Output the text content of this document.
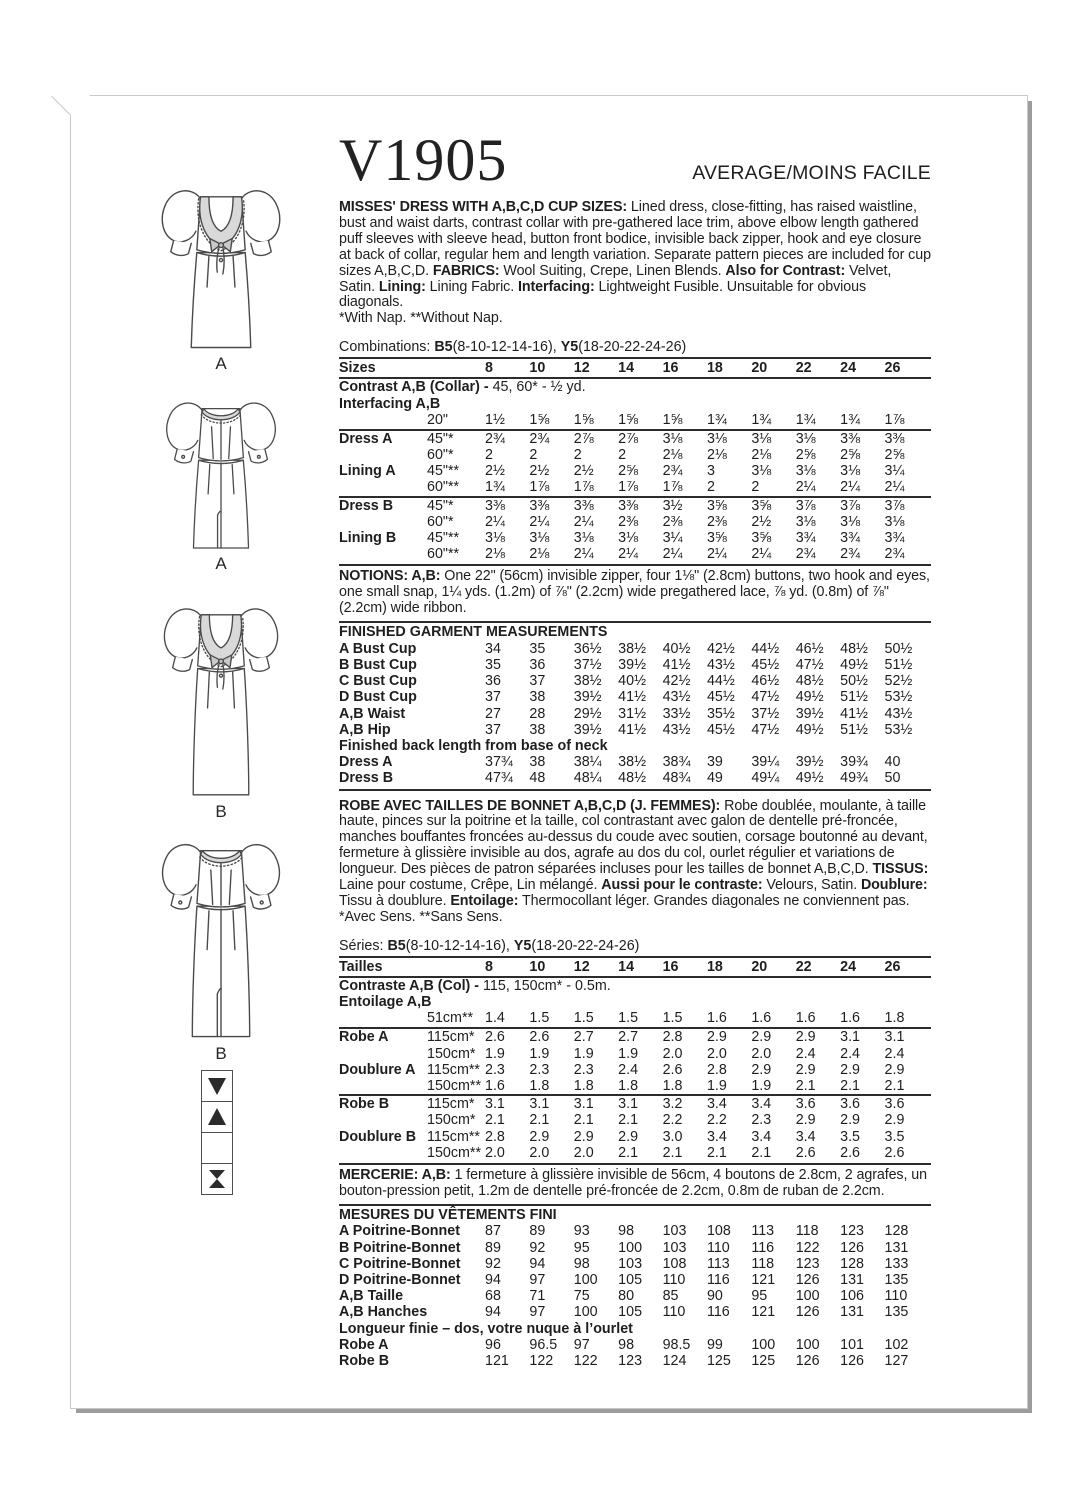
A
A
B
B
V1905	AVERAGE/MOINS FACILE

MISSES' DRESS WITH A,B,C,D CUP SIZES: Lined dress, close-fitting, has raised waistline, bust and waist darts, contrast collar with pre-gathered lace trim, above elbow length gathered puff sleeves with sleeve head, button front bodice, invisible back zipper, hook and eye closure at back of collar, regular hem and length variation. Separate pattern pieces are included for cup sizes A,B,C,D. FABRICS: Wool Suiting, Crepe, Linen Blends. Also for Contrast: Velvet, Satin. Lining: Lining Fabric. Interfacing: Lightweight Fusible. Unsuitable for obvious diagonals.

*With Nap. **Without Nap.
Combinations: B5(8-10-12-14-16), Y5(18-20-22-24-26)
Sizes	8	10	12	14	16	18	20	22	24	26
Contrast A,B (Collar) - 45, 60* - ½ yd.
Interfacing A,B
20"	1½	1⅝	1⅝	1⅝	1⅝	1¾	1¾	1¾	1¾	1⅞
Dress A	45"*	2¾	2¾	2⅞	2⅞	3⅛	3⅛	3⅛	3⅛	3⅜	3⅜
60"*	2	2	2	2	2⅛	2⅛	2⅛	2⅝	2⅝	2⅝
Lining A	45"**	2½	2½	2½	2⅝	2¾	3	3⅛	3⅛	3⅛	3¼
60"**	1¾	1⅞	1⅞	1⅞	1⅞	2	2	2¼	2¼	2¼
Dress B	45"*	3⅜	3⅜	3⅜	3⅜	3½	3⅝	3⅝	3⅞	3⅞	3⅞
60"*	2¼	2¼	2¼	2⅜	2⅜	2⅜	2½	3⅛	3⅛	3⅛
Lining B	45"**	3⅛	3⅛	3⅛	3⅛	3¼	3⅝	3⅝	3¾	3¾	3¾
60"**	2⅛	2⅛	2¼	2¼	2¼	2¼	2¼	2¾	2¾	2¾

NOTIONS: A,B: One 22" (56cm) invisible zipper, four 1⅛" (2.8cm) buttons, two hook and eyes, one small snap, 1¼ yds. (1.2m) of ⅞" (2.2cm) wide pregathered lace, ⅞ yd. (0.8m) of ⅞" (2.2cm) wide ribbon.

FINISHED GARMENT MEASUREMENTS
A Bust Cup	34	35	36½	38½	40½	42½	44½	46½	48½	50½
B Bust Cup	35	36	37½	39½	41½	43½	45½	47½	49½	51½
C Bust Cup	36	37	38½	40½	42½	44½	46½	48½	50½	52½
D Bust Cup	37	38	39½	41½	43½	45½	47½	49½	51½	53½
A,B Waist	27	28	29½	31½	33½	35½	37½	39½	41½	43½
A,B Hip	37	38	39½	41½	43½	45½	47½	49½	51½	53½
Finished back length from base of neck
Dress A	37¾	38	38¼	38½	38¾	39	39¼	39½	39¾	40
Dress B	47¾	48	48¼	48½	48¾	49	49¼	49½	49¾	50

ROBE AVEC TAILLES DE BONNET A,B,C,D (J. FEMMES): Robe doublée, moulante, à taille haute, pinces sur la poitrine et la taille, col contrastant avec galon de dentelle pré-froncée, manches bouffantes froncées au-dessus du coude avec soutien, corsage boutonné au devant, fermeture à glissière invisible au dos, agrafe au dos du col, ourlet régulier et variations de longueur. Des pièces de patron séparées incluses pour les tailles de bonnet A,B,C,D. TISSUS: Laine pour costume, Crêpe, Lin mélangé. Aussi pour le contraste: Velours, Satin. Doublure: Tissu à doublure. Entoilage: Thermocollant léger. Grandes diagonales ne conviennent pas.

*Avec Sens. **Sans Sens.
Séries: B5(8-10-12-14-16), Y5(18-20-22-24-26)
Tailles	8	10	12	14	16	18	20	22	24	26
Contraste A,B (Col) - 115, 150cm* - 0.5m.
Entoilage A,B
51cm** 1.4	1.5	1.5	1.5	1.5	1.6	1.6	1.6	1.6	1.8
Robe A	115cm* 2.6	2.6	2.7	2.7	2.8	2.9	2.9	2.9	3.1	3.1
150cm* 1.9	1.9	1.9	1.9	2.0	2.0	2.0	2.4	2.4	2.4
Doublure A 115cm** 2.3	2.3	2.3	2.4	2.6	2.8	2.9	2.9	2.9	2.9
150cm** 1.6	1.8	1.8	1.8	1.8	1.9	1.9	2.1	2.1	2.1
Robe B	115cm* 3.1	3.1	3.1	3.1	3.2	3.4	3.4	3.6	3.6	3.6
150cm* 2.1	2.1	2.1	2.1	2.2	2.2	2.3	2.9	2.9	2.9
Doublure B 115cm** 2.8	2.9	2.9	2.9	3.0	3.4	3.4	3.4	3.5	3.5
150cm** 2.0	2.0	2.0	2.1	2.1	2.1	2.1	2.6	2.6	2.6

MERCERIE: A,B: 1 fermeture à glissière invisible de 56cm, 4 boutons de 2.8cm, 2 agrafes, un bouton-pression petit, 1.2m de dentelle pré-froncée de 2.2cm, 0.8m de ruban de 2.2cm.

MESURES DU VÊTEMENTS FINI
A Poitrine-Bonnet	87	89	93	98	103	108	113	118	123	128
B Poitrine-Bonnet	89	92	95	100	103	110	116	122	126	131
C Poitrine-Bonnet	92	94	98	103	108	113	118	123	128	133
D Poitrine-Bonnet	94	97	100	105	110	116	121	126	131	135
A,B Taille	68	71	75	80	85	90	95	100	106	110
A,B Hanches	94	97	100	105	110	116	121	126	131	135
Longueur finie – dos, votre nuque à l’ourlet
Robe A	96	96.5	97	98	98.5	99	100	100	101	102
Robe B	121	122	122	123	124	125	125	126	126	127
